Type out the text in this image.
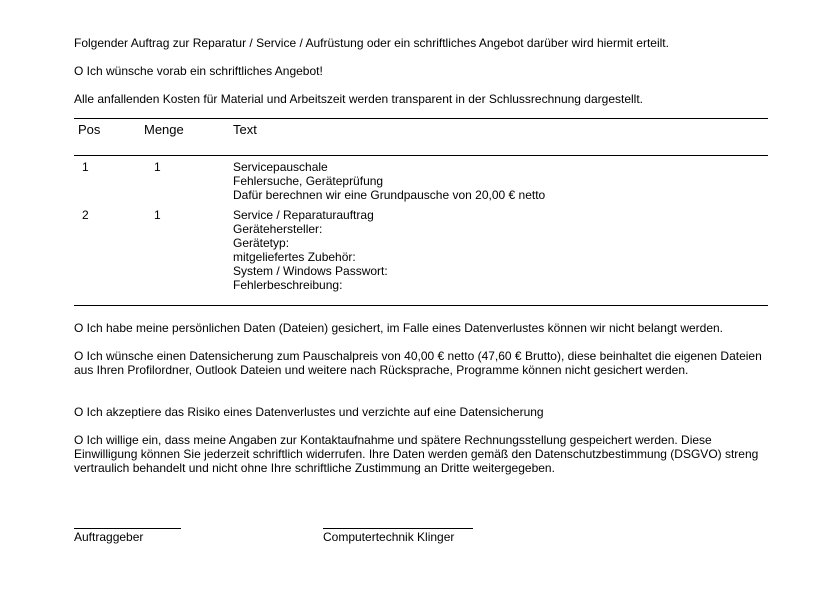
Folgender Auftrag zur Reparatur / Service / Aufrüstung oder ein schriftliches Angebot darüber wird hiermit erteilt.
O Ich wünsche vorab ein schriftliches Angebot!
Alle anfallenden Kosten für Material und Arbeitszeit werden transparent in der Schlussrechnung dargestellt.
Pos	Menge	Text
1	1	Servicepauschale
Fehlersuche, Geräteprüfung
Dafür berechnen wir eine Grundpausche von 20,00 € netto
2	1	Service / Reparaturauftrag
Gerätehersteller:
Gerätetyp:
mitgeliefertes Zubehör:
System / Windows Passwort:
Fehlerbeschreibung:
O Ich habe meine persönlichen Daten (Dateien) gesichert, im Falle eines Datenverlustes können wir nicht belangt werden.
O Ich wünsche einen Datensicherung zum Pauschalpreis von 40,00 € netto (47,60 € Brutto), diese beinhaltet die eigenen Dateien aus Ihren Profilordner, Outlook Dateien und weitere nach Rücksprache, Programme können nicht gesichert werden.
O Ich akzeptiere das Risiko eines Datenverlustes und verzichte auf eine Datensicherung
O Ich willige ein, dass meine Angaben zur Kontaktaufnahme und spätere Rechnungsstellung gespeichert werden. Diese Einwilligung können Sie jederzeit schriftlich widerrufen. Ihre Daten werden gemäß den Datenschutzbestimmung (DSGVO) streng vertraulich behandelt und nicht ohne Ihre schriftliche Zustimmung an Dritte weitergegeben.
Auftraggeber	Computertechnik Klinger
